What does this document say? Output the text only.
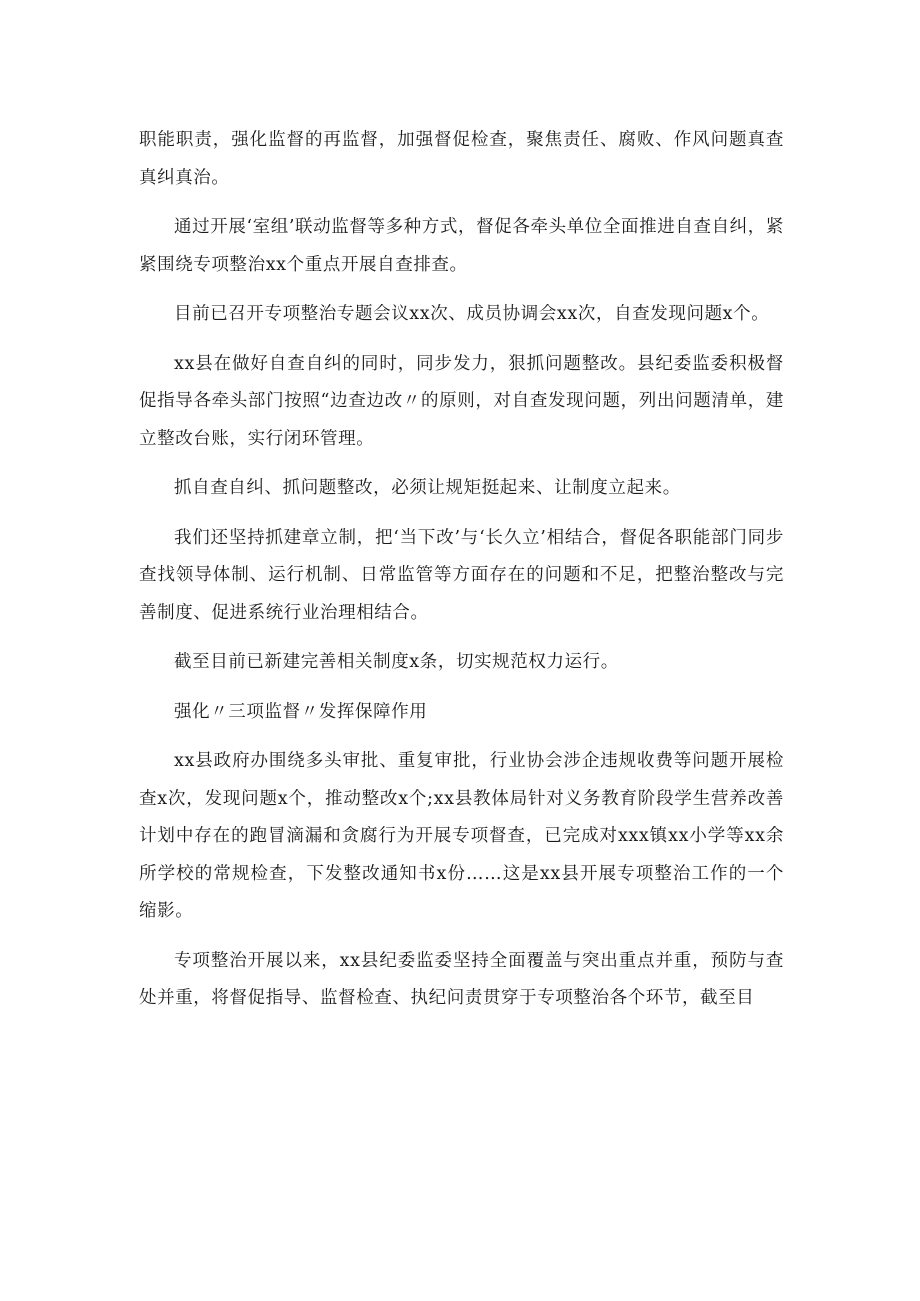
职能职责，强化监督的再监督，加强督促检查，聚焦责任、腐败、作风问题真查真纠真治。

通过开展‘室组’联动监督等多种方式，督促各牵头单位全面推进自查自纠，紧紧围绕专项整治xx个重点开展自查排查。

目前已召开专项整治专题会议xx次、成员协调会xx次，自查发现问题x个。

xx县在做好自查自纠的同时，同步发力，狠抓问题整改。县纪委监委积极督促指导各牵头部门按照“边查边改〃的原则，对自查发现问题，列出问题清单，建立整改台账，实行闭环管理。

抓自查自纠、抓问题整改，必须让规矩挺起来、让制度立起来。

我们还坚持抓建章立制，把‘当下改’与‘长久立’相结合，督促各职能部门同步查找领导体制、运行机制、日常监管等方面存在的问题和不足，把整治整改与完善制度、促进系统行业治理相结合。

截至目前已新建完善相关制度x条，切实规范权力运行。

强化〃三项监督〃发挥保障作用

xx县政府办围绕多头审批、重复审批，行业协会涉企违规收费等问题开展检查x次，发现问题x个，推动整改x个;xx县教体局针对义务教育阶段学生营养改善计划中存在的跑冒滴漏和贪腐行为开展专项督查，已完成对xxx镇xx小学等xx余所学校的常规检查，下发整改通知书x份……这是xx县开展专项整治工作的一个缩影。

专项整治开展以来，xx县纪委监委坚持全面覆盖与突出重点并重，预防与查处并重，将督促指导、监督检查、执纪问责贯穿于专项整治各个环节，截至目
